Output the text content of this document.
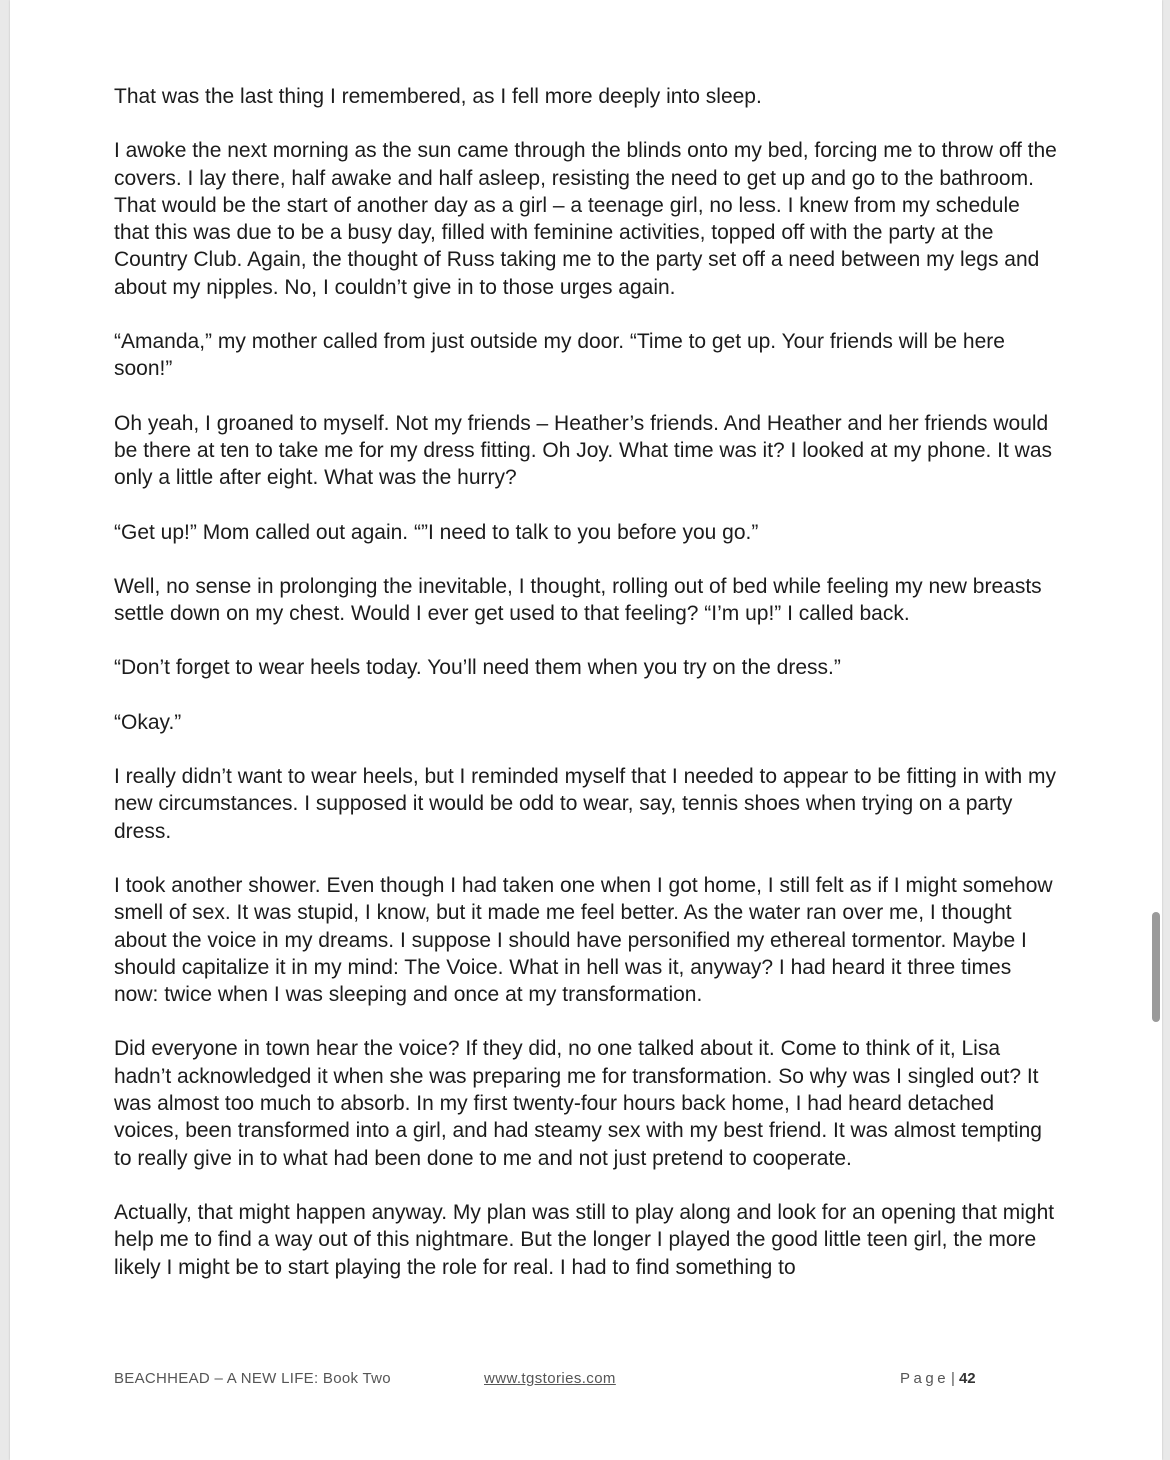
That was the last thing I remembered, as I fell more deeply into sleep.

I awoke the next morning as the sun came through the blinds onto my bed, forcing me to throw off the covers. I lay there, half awake and half asleep, resisting the need to get up and go to the bathroom. That would be the start of another day as a girl – a teenage girl, no less. I knew from my schedule that this was due to be a busy day, filled with feminine activities, topped off with the party at the Country Club. Again, the thought of Russ taking me to the party set off a need between my legs and about my nipples. No, I couldn’t give in to those urges again.

“Amanda,” my mother called from just outside my door. “Time to get up. Your friends will be here soon!”

Oh yeah, I groaned to myself. Not my friends – Heather’s friends. And Heather and her friends would be there at ten to take me for my dress fitting. Oh Joy. What time was it? I looked at my phone. It was only a little after eight. What was the hurry?

“Get up!” Mom called out again. “”I need to talk to you before you go.”

Well, no sense in prolonging the inevitable, I thought, rolling out of bed while feeling my new breasts settle down on my chest. Would I ever get used to that feeling? “I’m up!” I called back.

“Don’t forget to wear heels today. You’ll need them when you try on the dress.”

“Okay.”

I really didn’t want to wear heels, but I reminded myself that I needed to appear to be fitting in with my new circumstances. I supposed it would be odd to wear, say, tennis shoes when trying on a party dress.

I took another shower. Even though I had taken one when I got home, I still felt as if I might somehow smell of sex. It was stupid, I know, but it made me feel better. As the water ran over me, I thought about the voice in my dreams. I suppose I should have personified my ethereal tormentor. Maybe I should capitalize it in my mind: The Voice. What in hell was it, anyway? I had heard it three times now: twice when I was sleeping and once at my transformation.

Did everyone in town hear the voice? If they did, no one talked about it. Come to think of it, Lisa hadn’t acknowledged it when she was preparing me for transformation. So why was I singled out? It was almost too much to absorb. In my first twenty-four hours back home, I had heard detached voices, been transformed into a girl, and had steamy sex with my best friend. It was almost tempting to really give in to what had been done to me and not just pretend to cooperate.

Actually, that might happen anyway. My plan was still to play along and look for an opening that might help me to find a way out of this nightmare. But the longer I played the good little teen girl, the more likely I might be to start playing the role for real. I had to find something to

BEACHHEAD – A NEW LIFE: Book Two	www.tgstories.com	Page | 42
